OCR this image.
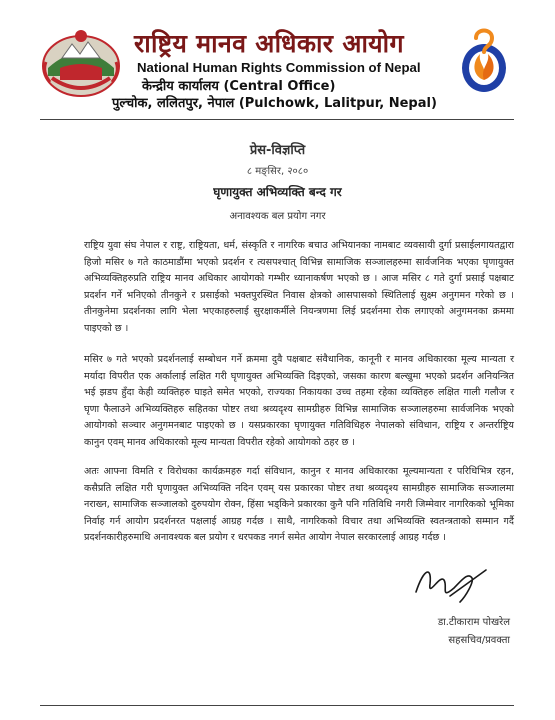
राष्ट्रिय मानव अधिकार आयोग
National Human Rights Commission of Nepal
केन्द्रीय कार्यालय (Central Office)
पुल्चोक, ललितपुर, नेपाल (Pulchowk, Lalitpur, Nepal)
प्रेस-विज्ञप्ति
८ मङ्सिर, २०८०
घृणायुक्त अभिव्यक्ति बन्द गर
अनावश्यक बल प्रयोग नगर

राष्ट्रिय युवा संघ नेपाल र राष्ट्र, राष्ट्रियता, धर्म, संस्कृति र नागरिक बचाउ अभियानका नामबाट व्यवसायी दुर्गा प्रसाईलगायतद्वारा हिजो मसिर ७ गते काठमाडौंमा भएको प्रदर्शन र त्यसपश्चात् विभिन्न सामाजिक सञ्जालहरुमा सार्वजनिक भएका घृणायुक्त अभिव्यक्तिहरुप्रति राष्ट्रिय मानव अधिकार आयोगको गम्भीर ध्यानाकर्षण भएको छ । आज मसिर ८ गते दुर्गा प्रसाई पक्षबाट प्रदर्शन गर्ने भनिएको तीनकुने र प्रसाईको भक्तपुरस्थित निवास क्षेत्रको आसपासको स्थितिलाई सुक्ष्म अनुगमन गरेको छ । तीनकुनेमा प्रदर्शनका लागि भेला भएकाहरुलाई सुरक्षाकर्मीले नियन्त्रणमा लिई प्रदर्शनमा रोक लगाएको अनुगमनका क्रममा पाइएको छ ।

मसिर ७ गते भएको प्रदर्शनलाई सम्बोधन गर्ने क्रममा दुवै पक्षबाट संवैधानिक, कानूनी र मानव अधिकारका मूल्य मान्यता र मर्यादा विपरीत एक अर्कालाई लक्षित गरी घृणायुक्त अभिव्यक्ति दिइएको, जसका कारण बल्खुमा भएको प्रदर्शन अनियन्त्रित भई झडप हुँदा केही व्यक्तिहरु घाइते समेत भएको, राज्यका निकायका उच्च तहमा रहेका व्यक्तिहरु लक्षित गाली गलौज र घृणा फैलाउने अभिव्यक्तिहरु सहितका पोष्टर तथा श्रव्यदृश्य सामग्रीहरु विभिन्न सामाजिक सञ्जालहरुमा सार्वजनिक भएको आयोगको सञ्चार अनुगमनबाट पाइएको छ । यसप्रकारका घृणायुक्त गतिविधिहरु नेपालको संविधान, राष्ट्रिय र अन्तर्राष्ट्रिय कानुन एवम् मानव अधिकारको मूल्य मान्यता विपरीत रहेको आयोगको ठहर छ ।

अतः आफ्ना विमति र विरोधका कार्यक्रमहरु गर्दा संविधान, कानुन र मानव अधिकारका मूल्यमान्यता र परिधिभित्र रहन, कसैप्रति लक्षित गरी घृणायुक्त अभिव्यक्ति नदिन एवम् यस प्रकारका पोष्टर तथा श्रव्यदृश्य सामग्रीहरु सामाजिक सञ्जालमा नराख्न, सामाजिक सञ्जालको दुरुपयोग रोक्न, हिंसा भड्किने प्रकारका कुनै पनि गतिविधि नगरी जिम्मेवार नागरिकको भूमिका निर्वाह गर्न आयोग प्रदर्शनरत पक्षलाई आग्रह गर्दछ । साथै, नागरिकको विचार तथा अभिव्यक्ति स्वतन्त्रताको सम्मान गर्दै प्रदर्शनकारीहरुमाथि अनावश्यक बल प्रयोग र धरपकड नगर्न समेत आयोग नेपाल सरकारलाई आग्रह गर्दछ ।

डा.टीकाराम पोखरेल
सहसचिव/प्रवक्ता
